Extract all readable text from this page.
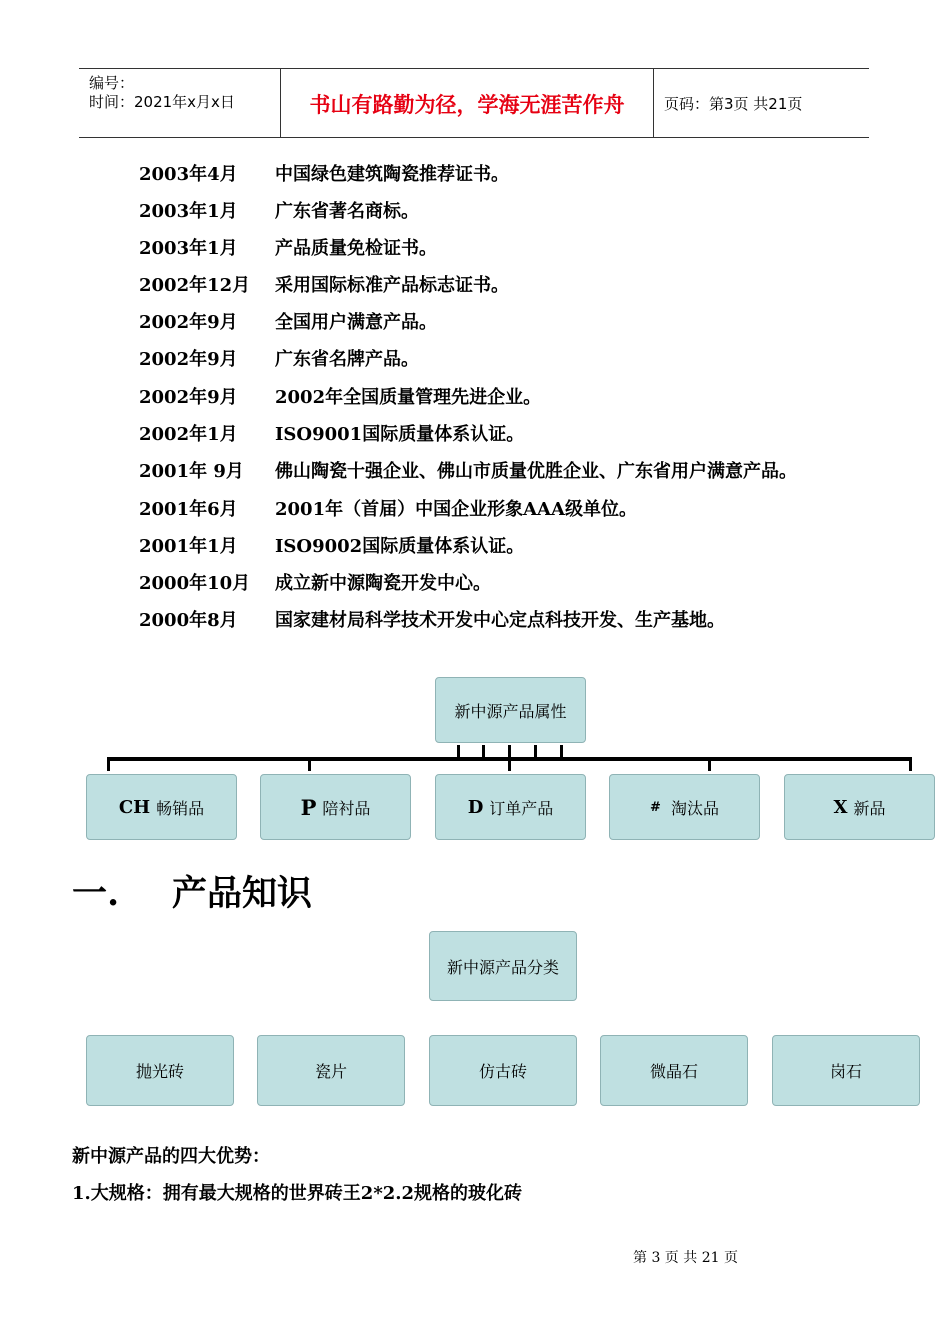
编号：
时间：2021年x月x日	书山有路勤为径，学海无涯苦作舟	页码：第3页 共21页
2003年4月 中国绿色建筑陶瓷推荐证书。
2003年1月 广东省著名商标。
2003年1月 产品质量免检证书。
2002年12月 采用国际标准产品标志证书。
2002年9月 全国用户满意产品。
2002年9月 广东省名牌产品。
2002年9月 2002年全国质量管理先进企业。
2002年1月 ISO9001国际质量体系认证。
2001年 9月 佛山陶瓷十强企业、佛山市质量优胜企业、广东省用户满意产品。
2001年6月 2001年（首届）中国企业形象AAA级单位。
2001年1月 ISO9002国际质量体系认证。
2000年10月 成立新中源陶瓷开发中心。
2000年8月 国家建材局科学技术开发中心定点科技开发、生产基地。
新中源产品属性
CH 畅销品	P 陪衬品	D 订单产品	# 淘汰品	X 新品
一. 产品知识
新中源产品分类
抛光砖	瓷片	仿古砖	微晶石	岗石
新中源产品的四大优势：
1.大规格：拥有最大规格的世界砖王2*2.2规格的玻化砖
第 3 页 共 21 页
